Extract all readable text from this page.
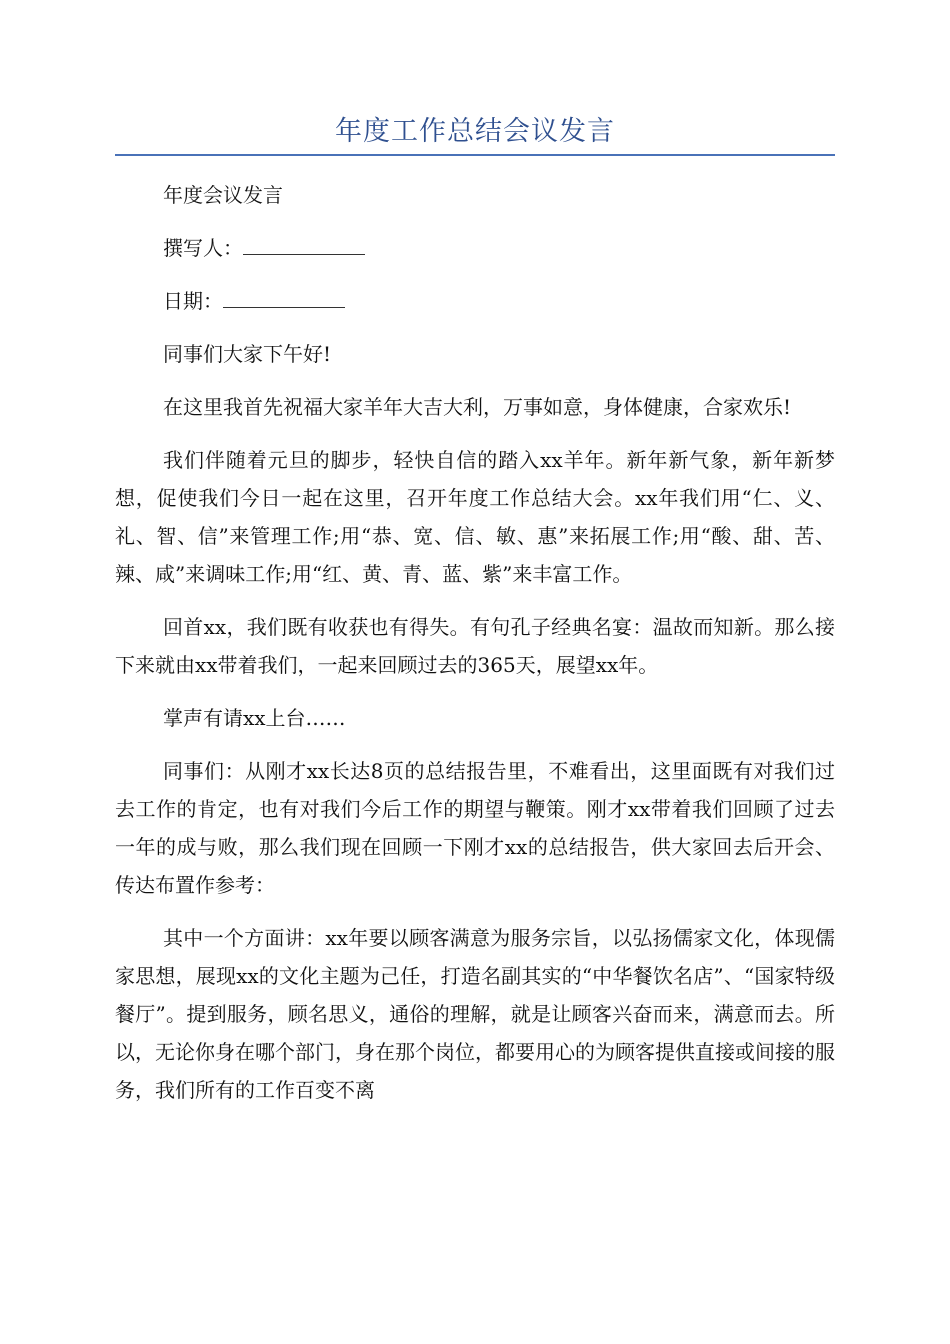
年度工作总结会议发言

年度会议发言

撰写人：

日期：

同事们大家下午好!

在这里我首先祝福大家羊年大吉大利，万事如意，身体健康，合家欢乐!

我们伴随着元旦的脚步，轻快自信的踏入xx羊年。新年新气象，新年新梦想，促使我们今日一起在这里，召开年度工作总结大会。xx年我们用“仁、义、礼、智、信”来管理工作;用“恭、宽、信、敏、惠”来拓展工作;用“酸、甜、苦、辣、咸”来调味工作;用“红、黄、青、蓝、紫”来丰富工作。

回首xx，我们既有收获也有得失。有句孔子经典名宴：温故而知新。那么接下来就由xx带着我们，一起来回顾过去的365天，展望xx年。

掌声有请xx上台……

同事们：从刚才xx长达8页的总结报告里，不难看出，这里面既有对我们过去工作的肯定，也有对我们今后工作的期望与鞭策。刚才xx带着我们回顾了过去一年的成与败，那么我们现在回顾一下刚才xx的总结报告，供大家回去后开会、传达布置作参考：

其中一个方面讲：xx年要以顾客满意为服务宗旨，以弘扬儒家文化，体现儒家思想，展现xx的文化主题为己任，打造名副其实的“中华餐饮名店”、“国家特级餐厅”。提到服务，顾名思义，通俗的理解，就是让顾客兴奋而来，满意而去。所以，无论你身在哪个部门，身在那个岗位，都要用心的为顾客提供直接或间接的服务，我们所有的工作百变不离
